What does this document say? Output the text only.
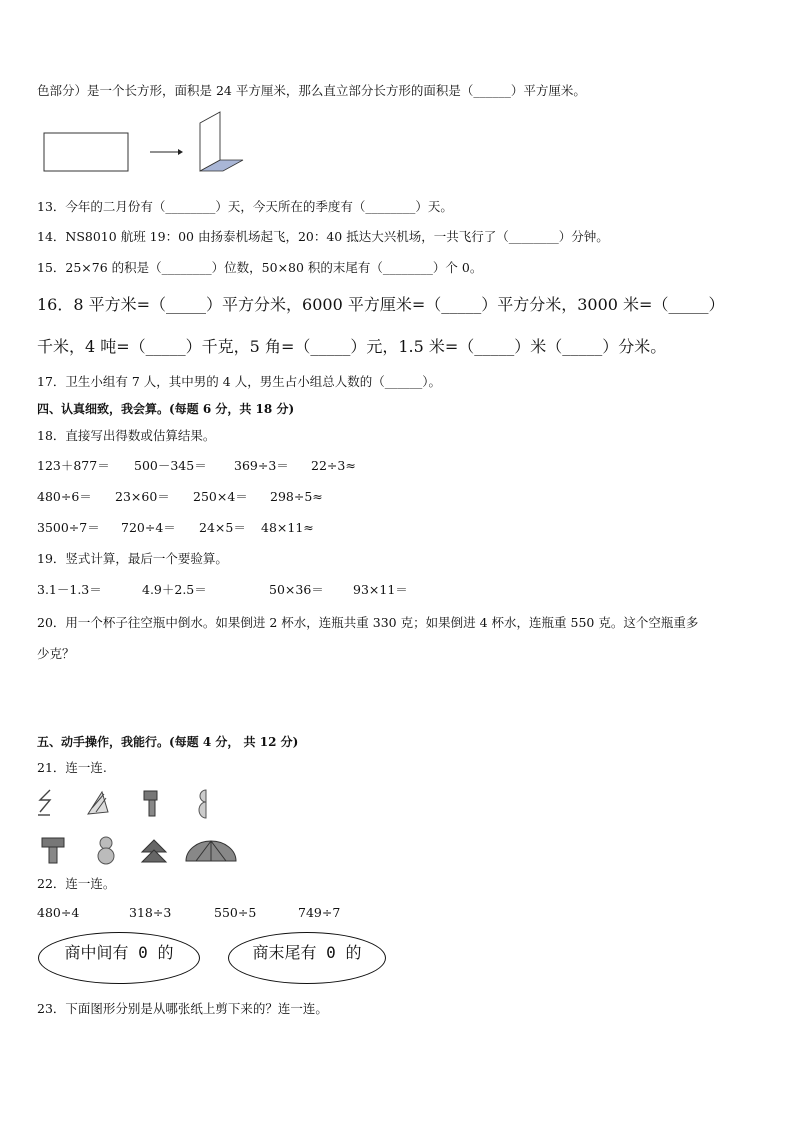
色部分）是一个长方形，面积是 24 平方厘米，那么直立部分长方形的面积是（______）平方厘米。
13．今年的二月份有（________）天，今天所在的季度有（________）天。
14．NS8010 航班 19：00 由扬泰机场起飞，20：40 抵达大兴机场，一共飞行了（________）分钟。
15．25×76 的积是（________）位数，50×80 积的末尾有（________）个 0。
16．8 平方米=（_____）平方分米，6000 平方厘米=（_____）平方分米，3000 米=（_____）
千米，4 吨=（_____）千克，5 角=（_____）元，1.5 米=（_____）米（_____）分米。
17．卫生小组有 7 人，其中男的 4 人，男生占小组总人数的（______）。
四、认真细致，我会算。(每题 6 分，共 18 分)
18．直接写出得数或估算结果。
123＋877＝ 500－345＝ 369÷3＝ 22÷3≈
480÷6＝ 23×60＝ 250×4＝ 298÷5≈
3500÷7＝ 720÷4＝ 24×5＝ 48×11≈
19．竖式计算，最后一个要验算。
3.1－1.3＝	4.9＋2.5＝	50×36＝ 93×11＝
20．用一个杯子往空瓶中倒水。如果倒进 2 杯水，连瓶共重 330 克；如果倒进 4 杯水，连瓶重 550 克。这个空瓶重多
少克？
五、动手操作，我能行。(每题 4 分， 共 12 分)
21．连一连.
22．连一连。
480÷4	318÷3	550÷5	749÷7
商中间有 0 的	商末尾有 0 的
23．下面图形分别是从哪张纸上剪下来的？连一连。
